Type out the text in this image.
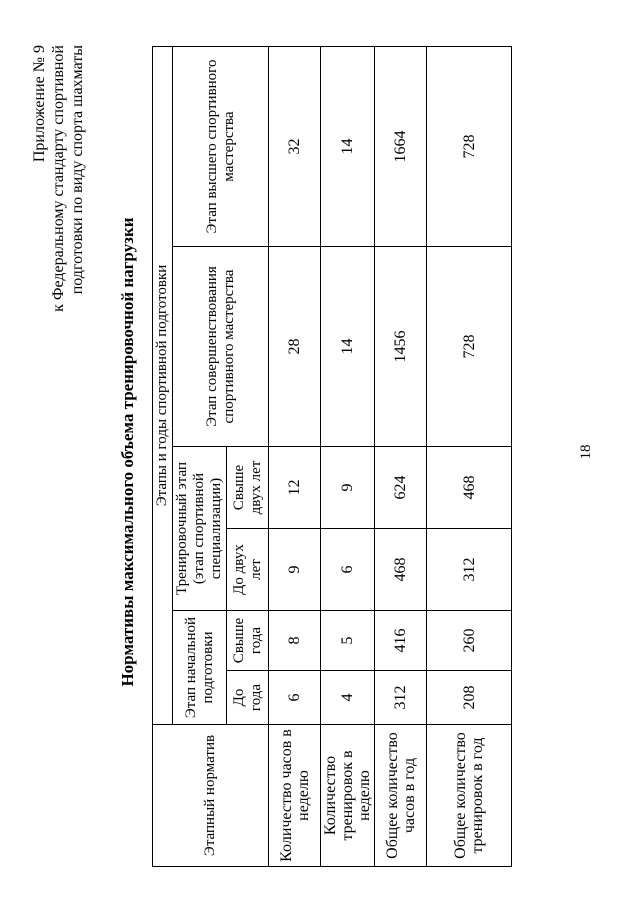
18
Приложение № 9 к Федеральному стандарту спортивной подготовки по виду спорта шахматы
Нормативы максимального объема тренировочной нагрузки
Этапный норматив	Этапы и годы спортивной подготовки					
	Этап начальной подготовки		Тренировочный этап (этап спортивной специализации)		Этап совершенствования спортивного мастерства	Этап высшего спортивного мастерства
	До года	Свыше года	До двух лет	Свыше двух лет		
Количество часов в неделю	6	8	9	12	28	32
Количество тренировок в неделю	4	5	6	9	14	14
Общее количество часов в год	312	416	468	624	1456	1664
Общее количество тренировок в год	208	260	312	468	728	728
